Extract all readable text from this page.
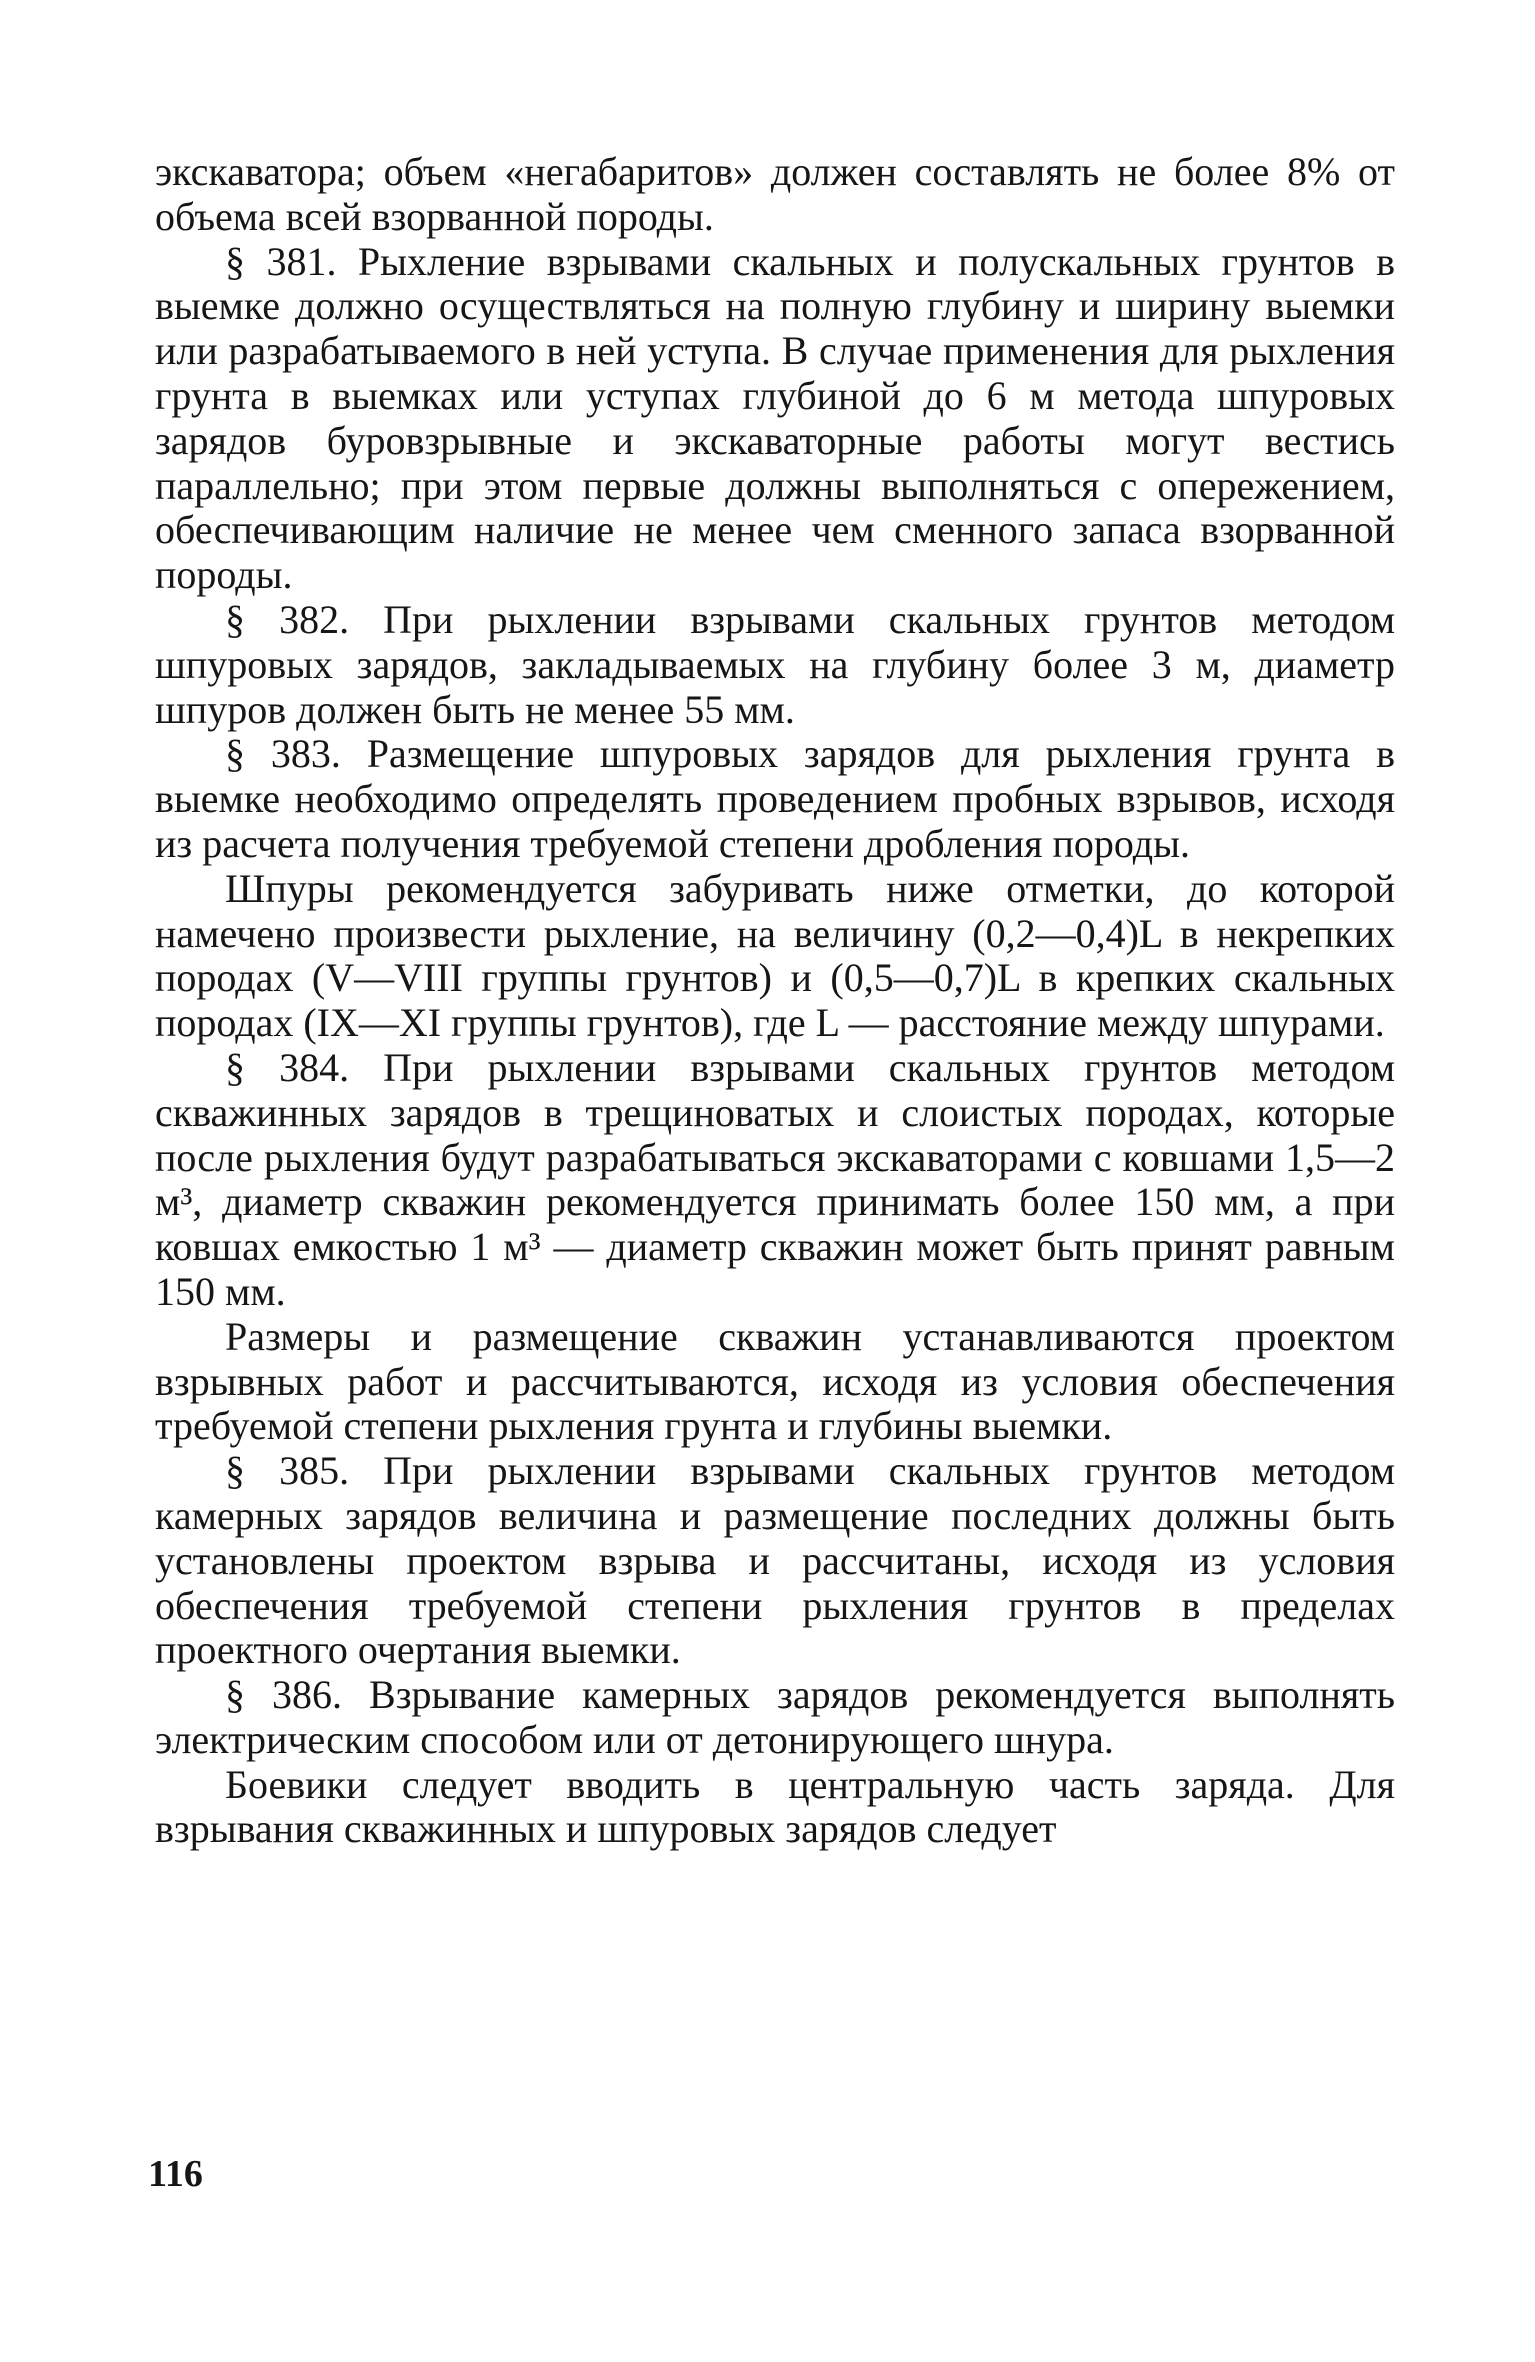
экскаватора; объем «негабаритов» должен составлять не более 8% от объема всей взорванной породы.

§ 381. Рыхление взрывами скальных и полускальных грунтов в выемке должно осуществляться на полную глубину и ширину выемки или разрабатываемого в ней уступа. В случае применения для рыхления грунта в выемках или уступах глубиной до 6 м метода шпуровых зарядов буровзрывные и экскаваторные работы могут вестись параллельно; при этом первые должны выполняться с опережением, обеспечивающим наличие не менее чем сменного запаса взорванной породы.

§ 382. При рыхлении взрывами скальных грунтов методом шпуровых зарядов, закладываемых на глубину более 3 м, диаметр шпуров должен быть не менее 55 мм.

§ 383. Размещение шпуровых зарядов для рыхления грунта в выемке необходимо определять проведением пробных взрывов, исходя из расчета получения требуемой степени дробления породы.

Шпуры рекомендуется забуривать ниже отметки, до которой намечено произвести рыхление, на величину (0,2—0,4)L в некрепких породах (V—VIII группы грунтов) и (0,5—0,7)L в крепких скальных породах (IX—XI группы грунтов), где L — расстояние между шпурами.

§ 384. При рыхлении взрывами скальных грунтов методом скважинных зарядов в трещиноватых и слоистых породах, которые после рыхления будут разрабатываться экскаваторами с ковшами 1,5—2 м³, диаметр скважин рекомендуется принимать более 150 мм, а при ковшах емкостью 1 м³ — диаметр скважин может быть принят равным 150 мм.

Размеры и размещение скважин устанавливаются проектом взрывных работ и рассчитываются, исходя из условия обеспечения требуемой степени рыхления грунта и глубины выемки.

§ 385. При рыхлении взрывами скальных грунтов методом камерных зарядов величина и размещение последних должны быть установлены проектом взрыва и рассчитаны, исходя из условия обеспечения требуемой степени рыхления грунтов в пределах проектного очертания выемки.

§ 386. Взрывание камерных зарядов рекомендуется выполнять электрическим способом или от детонирующего шнура.

Боевики следует вводить в центральную часть заряда. Для взрывания скважинных и шпуровых зарядов следует

116
